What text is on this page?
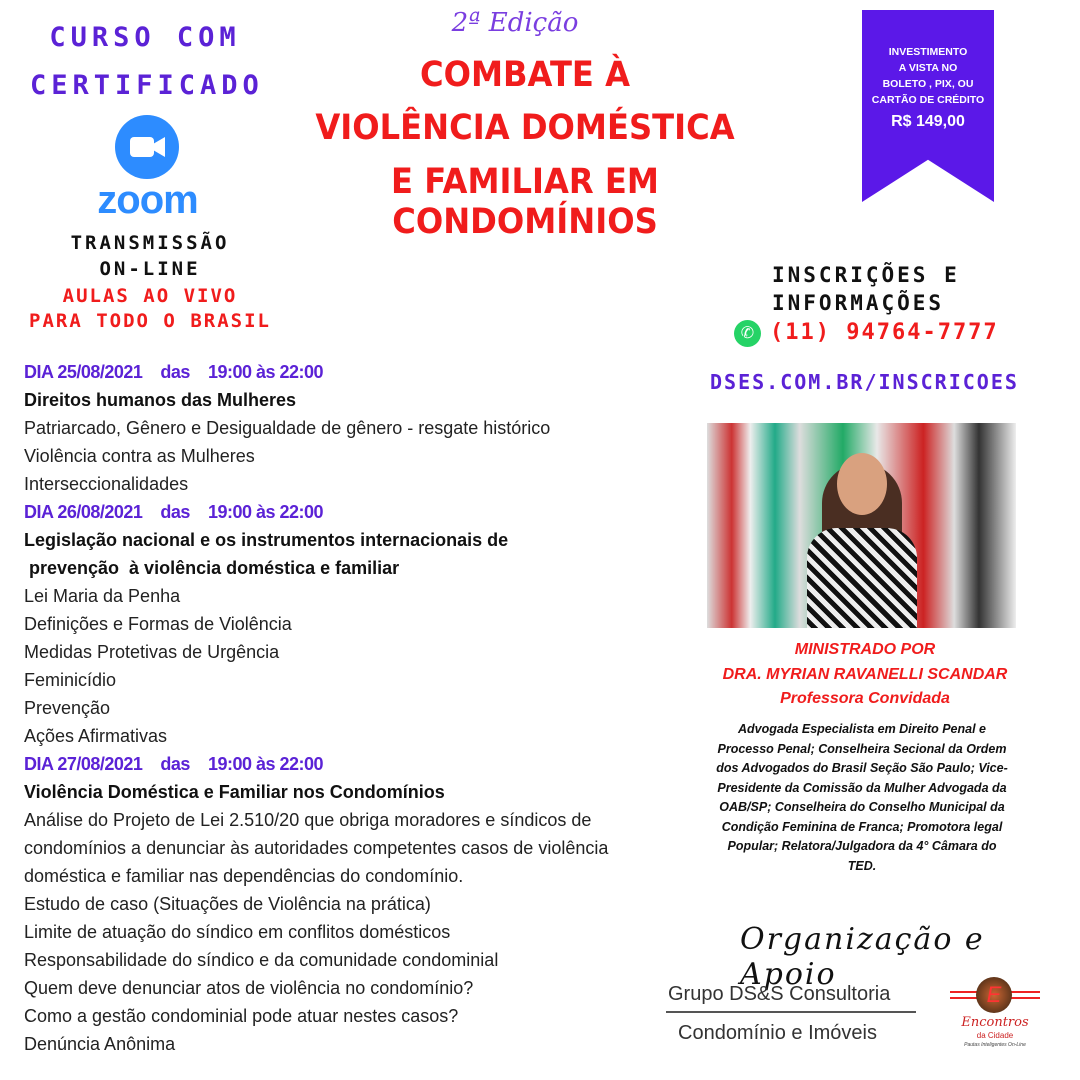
CURSO COM
CERTIFICADO
zoom
TRANSMISSÃO
ON-LINE
AULAS AO VIVO
PARA TODO O BRASIL
2ª Edição
COMBATE À
VIOLÊNCIA DOMÉSTICA
E FAMILIAR EM CONDOMÍNIOS
INVESTIMENTO
A VISTA NO
BOLETO , PIX, OU
CARTÃO DE CRÉDITO
R$ 149,00
INSCRIÇÕES E
INFORMAÇÕES
✆ (11) 94764-7777
DSES.COM.BR/INSCRICOES
MINISTRADO POR
DRA. MYRIAN RAVANELLI SCANDAR
Professora Convidada
Advogada Especialista em Direito Penal e Processo Penal; Conselheira Secional da Ordem dos Advogados do Brasil Seção São Paulo; Vice-Presidente da Comissão da Mulher Advogada da OAB/SP; Conselheira do Conselho Municipal da Condição Feminina de Franca; Promotora legal Popular; Relatora/Julgadora da 4° Câmara do TED.
DIA 25/08/2021 das 19:00 às 22:00
Direitos humanos das Mulheres
Patriarcado, Gênero e Desigualdade de gênero - resgate histórico
Violência contra as Mulheres
Interseccionalidades
DIA 26/08/2021 das 19:00 às 22:00
Legislação nacional e os instrumentos internacionais de
prevenção  à violência doméstica e familiar
Lei Maria da Penha
Definições e Formas de Violência
Medidas Protetivas de Urgência
Feminicídio
Prevenção
Ações Afirmativas
DIA 27/08/2021 das 19:00 às 22:00
Violência Doméstica e Familiar nos Condomínios
Análise do Projeto de Lei 2.510/20 que obriga moradores e síndicos de
condomínios a denunciar às autoridades competentes casos de violência
doméstica e familiar nas dependências do condomínio.
Estudo de caso (Situações de Violência na prática)
Limite de atuação do síndico em conflitos domésticos
Responsabilidade do síndico e da comunidade condominial
Quem deve denunciar atos de violência no condomínio?
Como a gestão condominial pode atuar nestes casos?
Denúncia Anônima
Organização e Apoio
Grupo DS&S Consultoria
Condomínio e Imóveis
E
Encontros
da Cidade
Pautas Inteligentes On-Line
